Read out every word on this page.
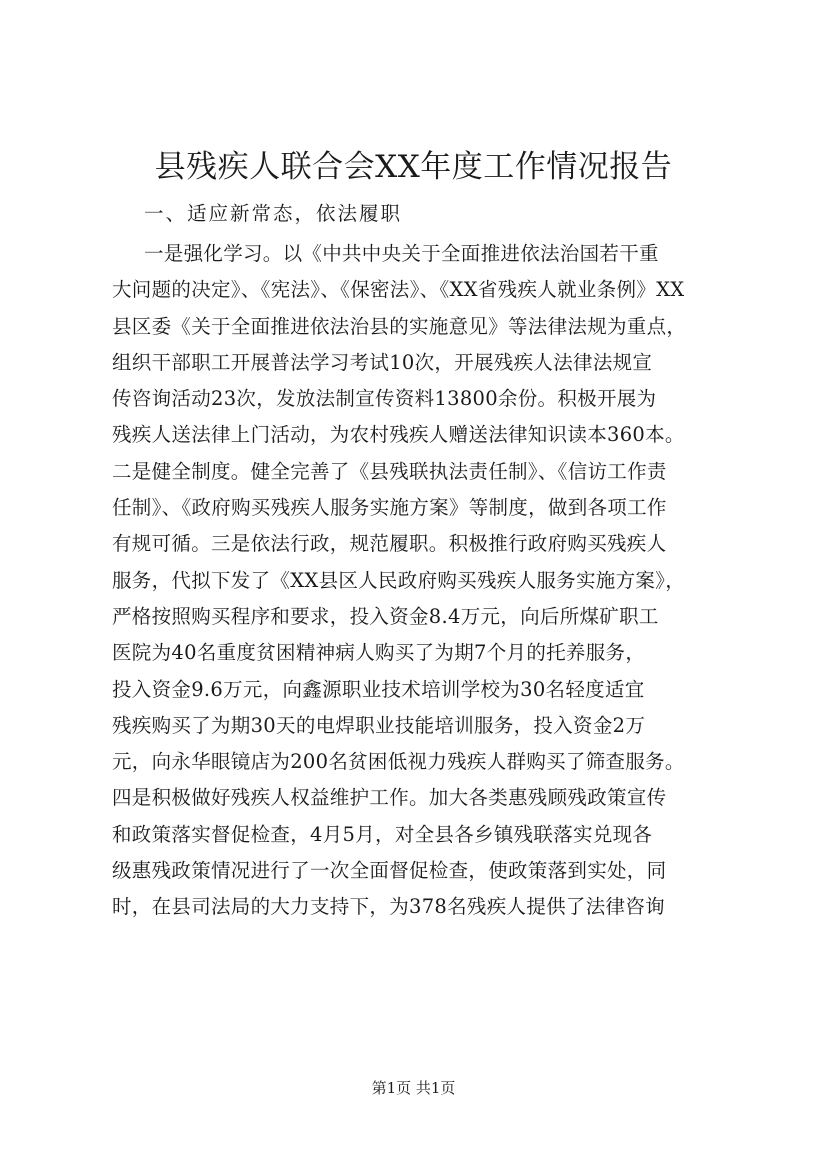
县残疾人联合会XX年度工作情况报告

一、适应新常态，依法履职

一是强化学习。以《中共中央关于全面推进依法治国若干重
大问题的决定》、《宪法》、《保密法》、《XX省残疾人就业条例》XX
县区委《关于全面推进依法治县的实施意见》等法律法规为重点，
组织干部职工开展普法学习考试10次，开展残疾人法律法规宣
传咨询活动23次，发放法制宣传资料13800余份。积极开展为
残疾人送法律上门活动，为农村残疾人赠送法律知识读本360本。
二是健全制度。健全完善了《县残联执法责任制》、《信访工作责
任制》、《政府购买残疾人服务实施方案》等制度，做到各项工作
有规可循。三是依法行政，规范履职。积极推行政府购买残疾人
服务，代拟下发了《XX县区人民政府购买残疾人服务实施方案》，
严格按照购买程序和要求，投入资金8.4万元，向后所煤矿职工
医院为40名重度贫困精神病人购买了为期7个月的托养服务，
投入资金9.6万元，向鑫源职业技术培训学校为30名轻度适宜
残疾购买了为期30天的电焊职业技能培训服务，投入资金2万
元，向永华眼镜店为200名贫困低视力残疾人群购买了筛查服务。
四是积极做好残疾人权益维护工作。加大各类惠残顾残政策宣传
和政策落实督促检查，4月5月，对全县各乡镇残联落实兑现各
级惠残政策情况进行了一次全面督促检查，使政策落到实处，同
时，在县司法局的大力支持下，为378名残疾人提供了法律咨询
第1页 共1页
